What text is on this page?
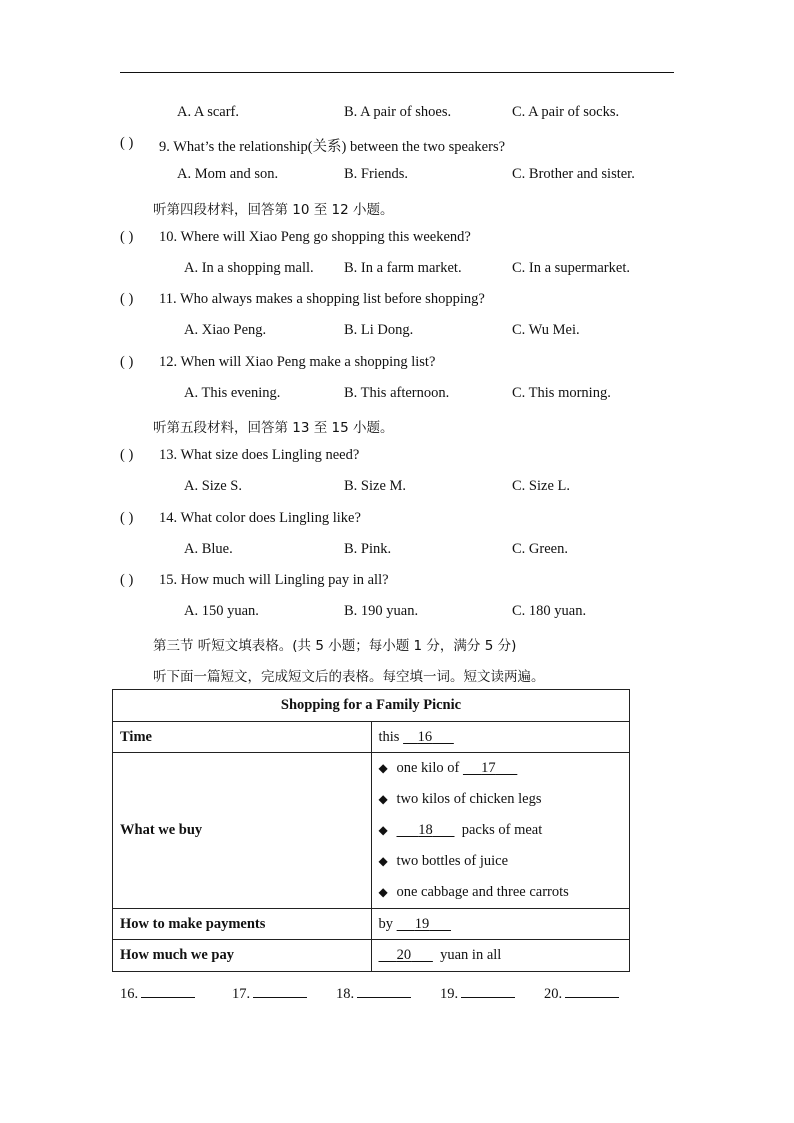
A. A scarf.	B. A pair of shoes.	C. A pair of socks.
( ) 9. What’s the relationship(关系) between the two speakers?
A. Mom and son.	B. Friends.	C. Brother and sister.
听第四段材料，回答第 10 至 12 小题。
( ) 10. Where will Xiao Peng go shopping this weekend?
A. In a shopping mall. B. In a farm market.	C. In a supermarket.
( ) 11. Who always makes a shopping list before shopping?
A. Xiao Peng.	B. Li Dong.	C. Wu Mei.
( ) 12. When will Xiao Peng make a shopping list?
A. This evening.	B. This afternoon.	C. This morning.
听第五段材料，回答第 13 至 15 小题。
( ) 13. What size does Lingling need?
A. Size S.	B. Size M.	C. Size L.
( ) 14. What color does Lingling like?
A. Blue.	B. Pink.	C. Green.
( ) 15. How much will Lingling pay in all?
A. 150 yuan.	B. 190 yuan.	C. 180 yuan.
第三节 听短文填表格。(共 5 小题；每小题 1 分，满分 5 分)
听下面一篇短文，完成短文后的表格。每空填一词。短文读两遍。
Shopping for a Family Picnic	
Time	this 16
What we buy	◆ one kilo of 17
◆ two kilos of chicken legs
◆ 18 packs of meat
◆ two bottles of juice
◆ one cabbage and three carrots

How to make payments	by 19
How much we pay	20 yuan in all
16.	17.	18.	19.	20.
